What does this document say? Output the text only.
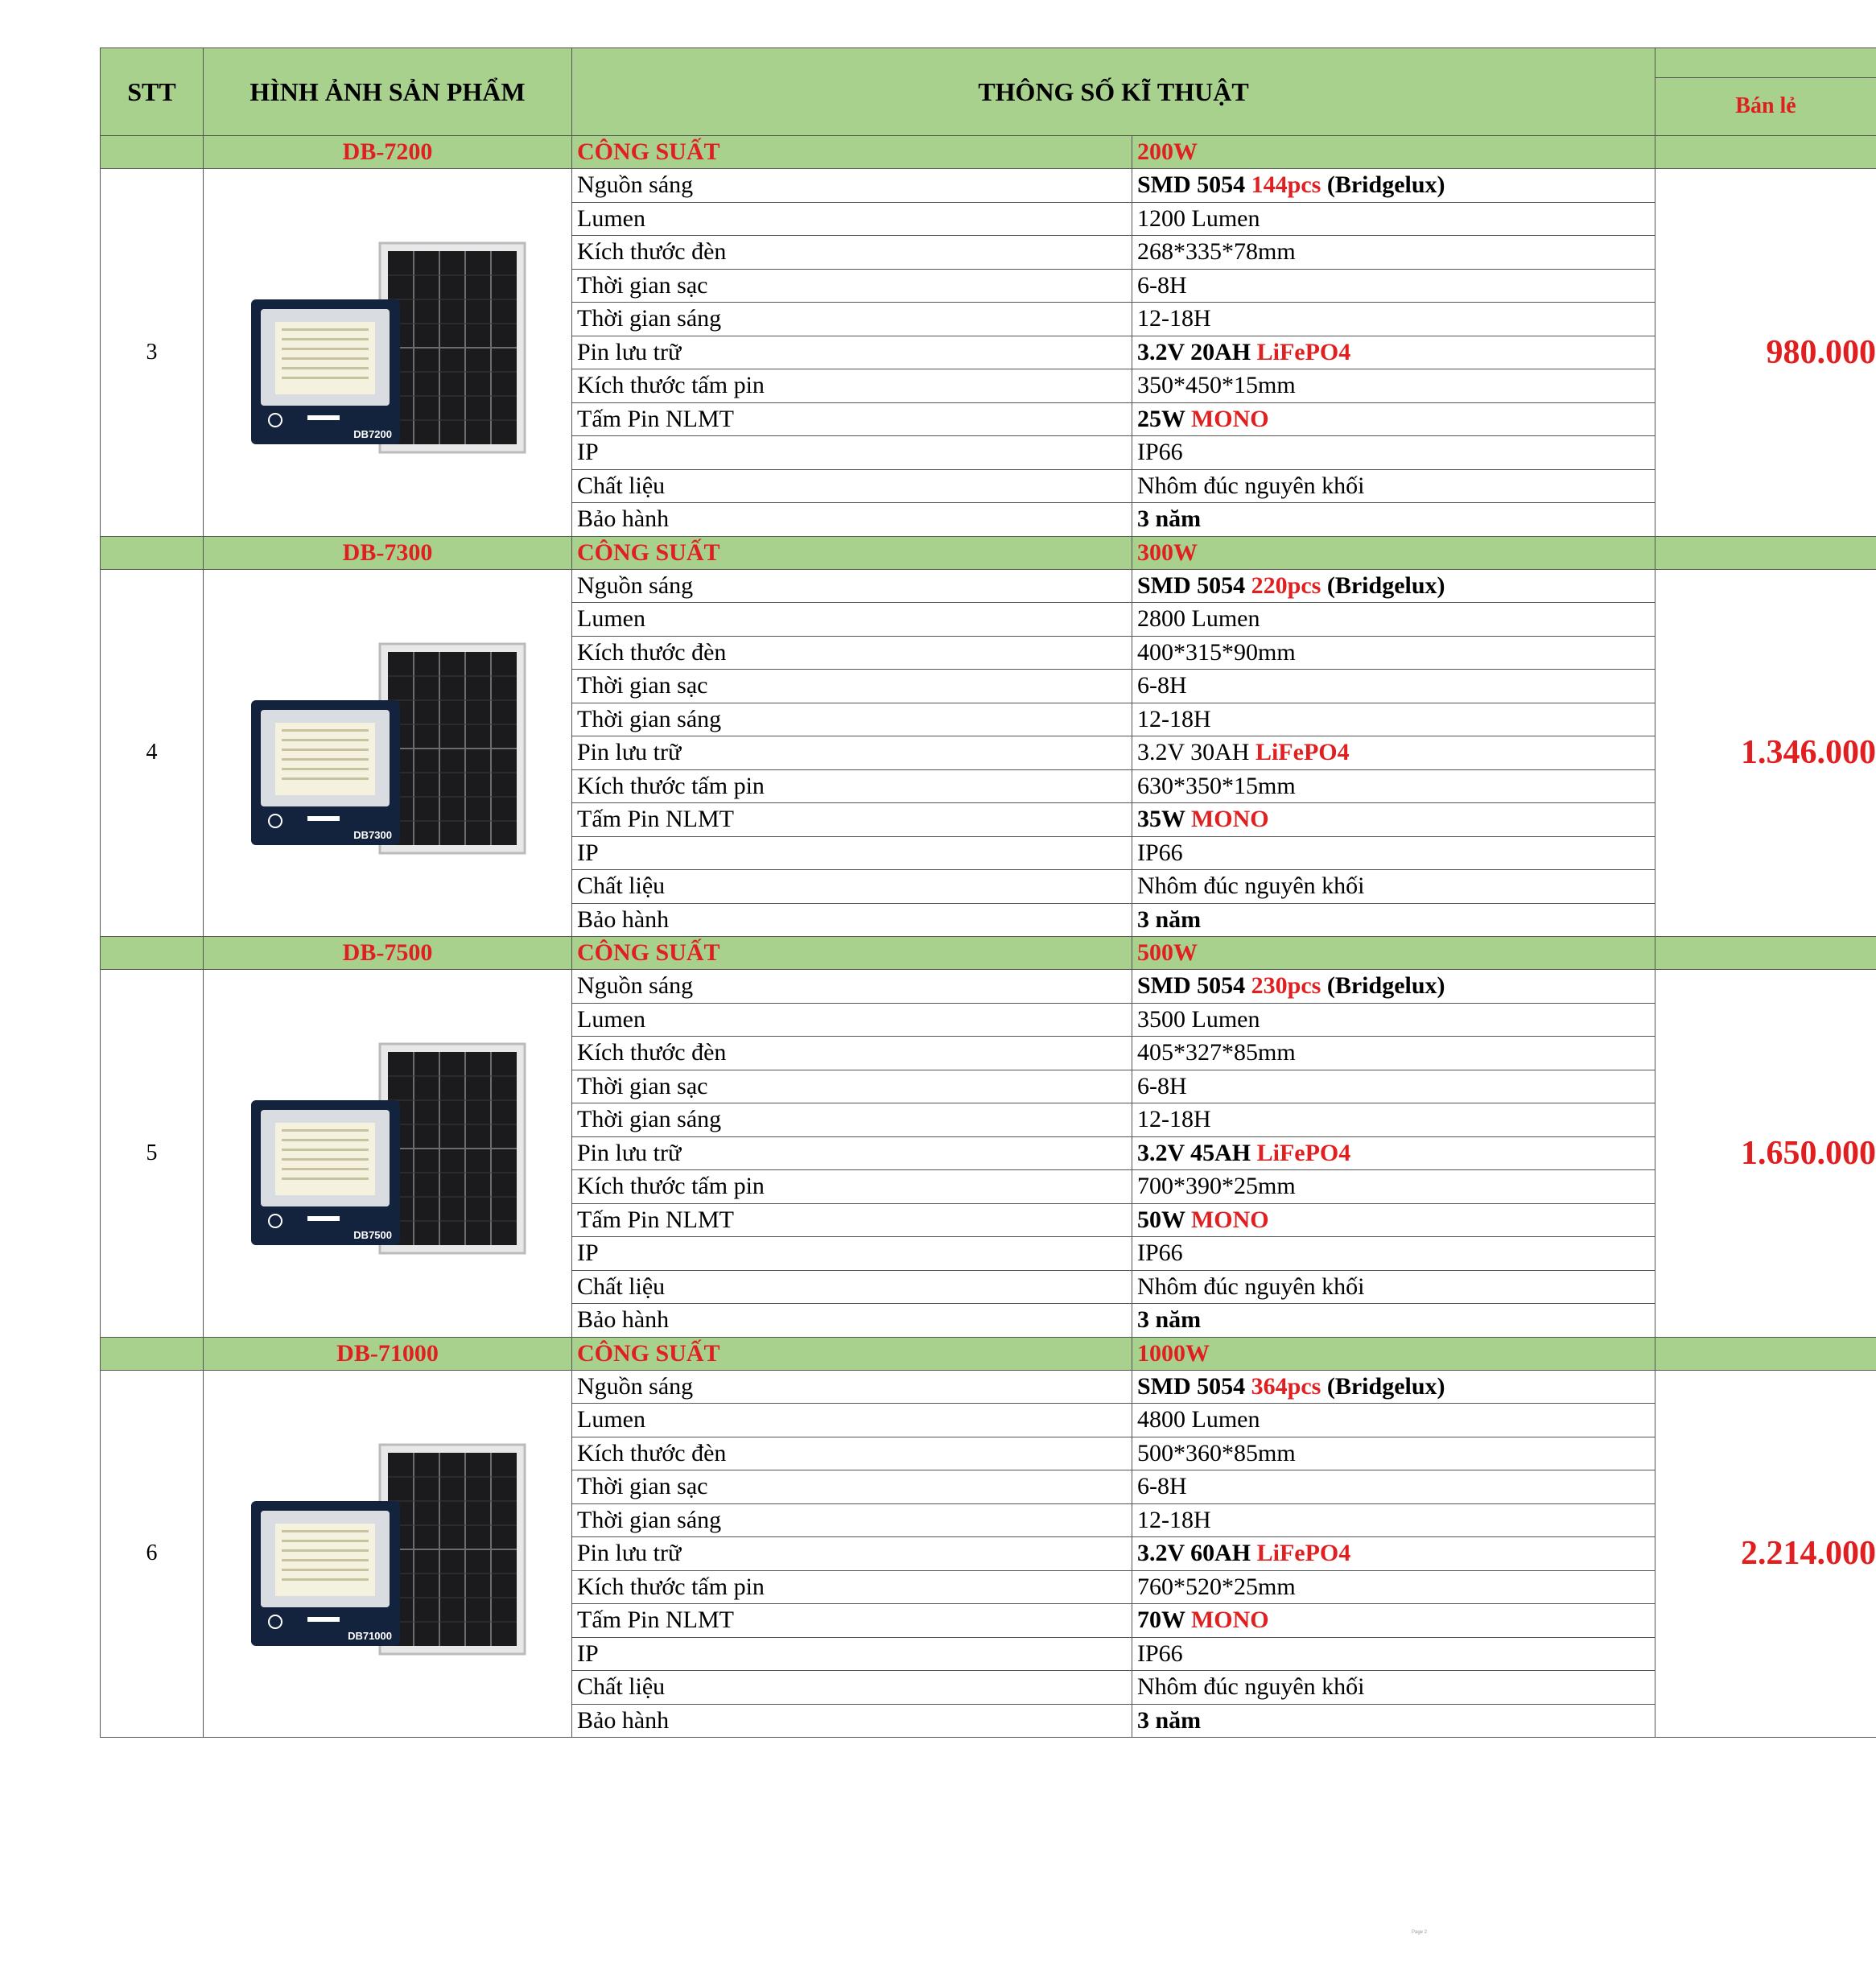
STT	HÌNH ẢNH SẢN PHẨM	THÔNG SỐ KĨ THUẬT		Bán lẻ

	DB-7200	CÔNG SUẤT	200W	
3	DB7200	Nguồn sáng	SMD 5054 144pcs (Bridgelux)	980.000
		Lumen	1200 Lumen	
		Kích thước đèn	268*335*78mm	
		Thời gian sạc	6-8H	
		Thời gian sáng	12-18H	
		Pin lưu trữ	3.2V 20AH LiFePO4	
		Kích thước tấm pin	350*450*15mm	
		Tấm Pin NLMT	25W MONO	
		IP	IP66	
		Chất liệu	Nhôm đúc nguyên khối	
		Bảo hành	3 năm	
	DB-7300	CÔNG SUẤT	300W	
4	DB7300	Nguồn sáng	SMD 5054 220pcs (Bridgelux)	1.346.000
		Lumen	2800 Lumen	
		Kích thước đèn	400*315*90mm	
		Thời gian sạc	6-8H	
		Thời gian sáng	12-18H	
		Pin lưu trữ	3.2V 30AH LiFePO4	
		Kích thước tấm pin	630*350*15mm	
		Tấm Pin NLMT	35W MONO	
		IP	IP66	
		Chất liệu	Nhôm đúc nguyên khối	
		Bảo hành	3 năm	
	DB-7500	CÔNG SUẤT	500W	
5	DB7500	Nguồn sáng	SMD 5054 230pcs (Bridgelux)	1.650.000
		Lumen	3500 Lumen	
		Kích thước đèn	405*327*85mm	
		Thời gian sạc	6-8H	
		Thời gian sáng	12-18H	
		Pin lưu trữ	3.2V 45AH LiFePO4	
		Kích thước tấm pin	700*390*25mm	
		Tấm Pin NLMT	50W MONO	
		IP	IP66	
		Chất liệu	Nhôm đúc nguyên khối	
		Bảo hành	3 năm	
	DB-71000	CÔNG SUẤT	1000W	
6	DB71000	Nguồn sáng	SMD 5054 364pcs (Bridgelux)	2.214.000
		Lumen	4800 Lumen	
		Kích thước đèn	500*360*85mm	
		Thời gian sạc	6-8H	
		Thời gian sáng	12-18H	
		Pin lưu trữ	3.2V 60AH LiFePO4	
		Kích thước tấm pin	760*520*25mm	
		Tấm Pin NLMT	70W MONO	
		IP	IP66	
		Chất liệu	Nhôm đúc nguyên khối	
		Bảo hành	3 năm	
Page 2
